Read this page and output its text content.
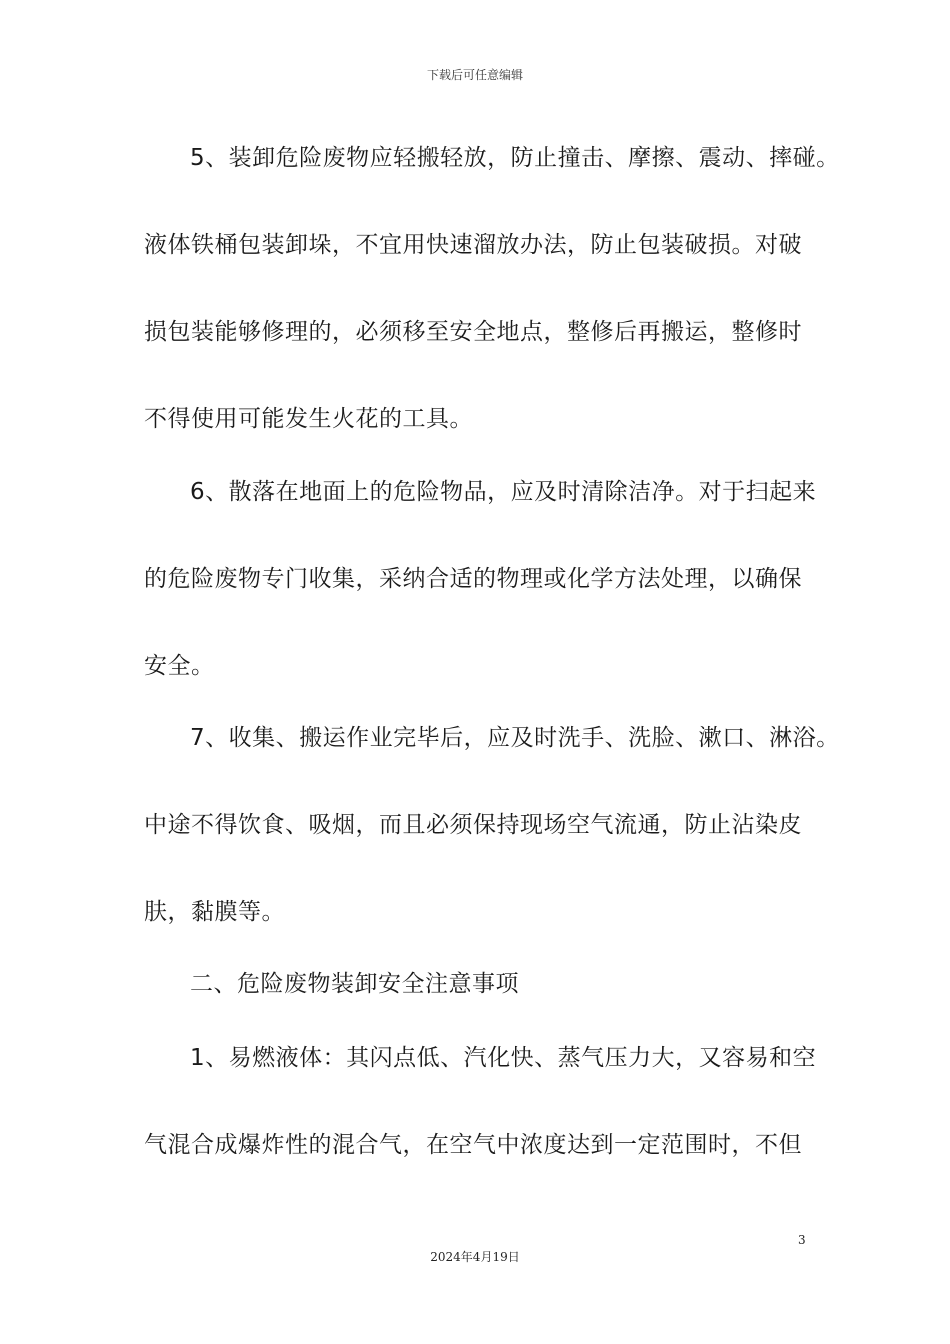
下载后可任意编辑
5、装卸危险废物应轻搬轻放，防止撞击、摩擦、震动、摔碰。
液体铁桶包装卸垛，不宜用快速溜放办法，防止包装破损。对破
损包装能够修理的，必须移至安全地点，整修后再搬运，整修时
不得使用可能发生火花的工具。
6、散落在地面上的危险物品，应及时清除洁净。对于扫起来
的危险废物专门收集，采纳合适的物理或化学方法处理，以确保
安全。
7、收集、搬运作业完毕后，应及时洗手、洗脸、漱口、淋浴。
中途不得饮食、吸烟，而且必须保持现场空气流通，防止沾染皮
肤，黏膜等。
二、危险废物装卸安全注意事项
1、易燃液体：其闪点低、汽化快、蒸气压力大，又容易和空
气混合成爆炸性的混合气，在空气中浓度达到一定范围时，不但
3
2024年4月19日
